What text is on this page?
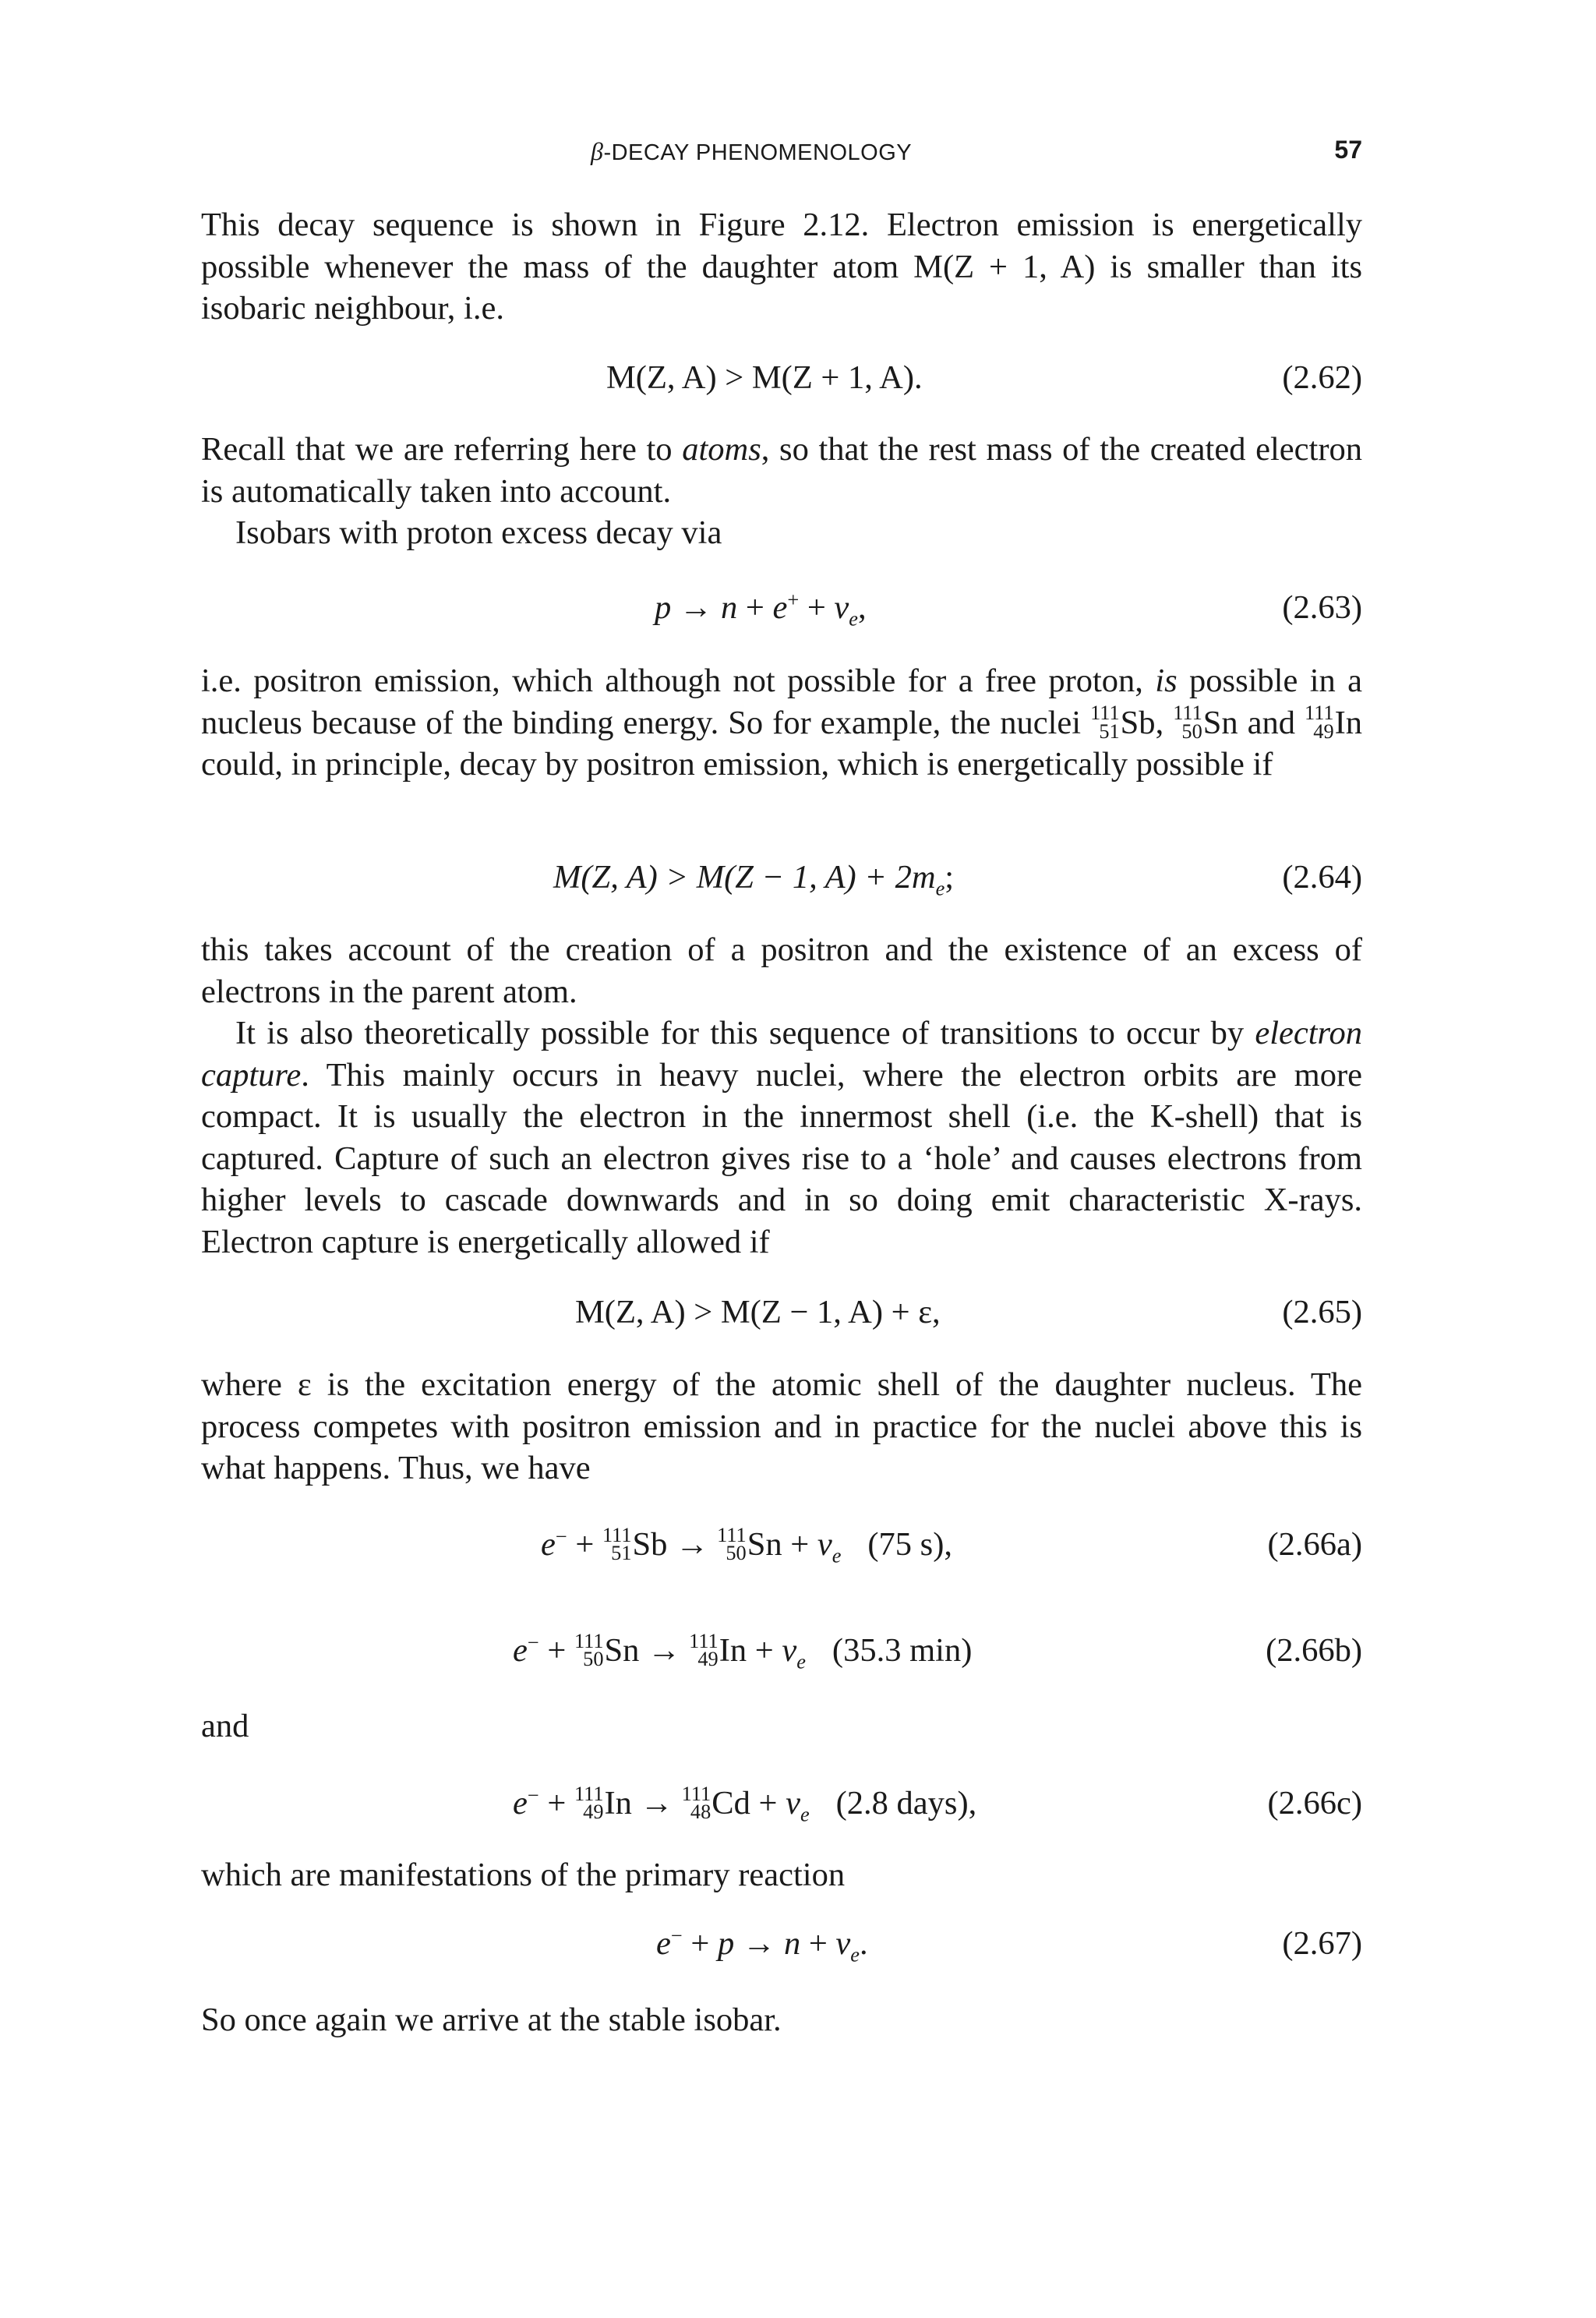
β-DECAY PHENOMENOLOGY	57

This decay sequence is shown in Figure 2.12. Electron emission is energetically possible whenever the mass of the daughter atom M(Z + 1, A) is smaller than its isobaric neighbour, i.e.

M(Z, A) > M(Z + 1, A).	(2.62)

Recall that we are referring here to atoms, so that the rest mass of the created electron is automatically taken into account.

Isobars with proton excess decay via

$p \to n + e^+ + \nu_e$,	(2.63)

i.e. positron emission, which although not possible for a free proton, is possible in a nucleus because of the binding energy. So for example, the nuclei 111
51 Sb, 111
50 Sn and 111
49 In could, in principle, decay by positron emission, which is energetically possible if

M(Z, A) > M(Z − 1, $A) + 2m_e$;	(2.64)

this takes account of the creation of a positron and the existence of an excess of electrons in the parent atom.

It is also theoretically possible for this sequence of transitions to occur by electron capture. This mainly occurs in heavy nuclei, where the electron orbits are more compact. It is usually the electron in the innermost shell (i.e. the K-shell) that is captured. Capture of such an electron gives rise to a ‘hole’ and causes electrons from higher levels to cascade downwards and in so doing emit characteristic X-rays. Electron capture is energetically allowed if

M(Z, A) > M(Z − 1, A) + ε,	(2.65)

where ε is the excitation energy of the atomic shell of the daughter nucleus. The process competes with positron emission and in practice for the nuclei above this is what happens. Thus, we have

e− + 111
51 Sb → 111
50 $Sn + \nu_e$ (75 s),	(2.66a)
e− + 111
50 Sn → 111
49 $In + \nu_e$ (35.3 min)	(2.66b)

and

e− + 111
49 In → 111
48 $Cd + \nu_e$ (2.8 days),	(2.66c)

which are manifestations of the primary reaction

$e^- + p \to n + \nu_e$.	(2.67)

So once again we arrive at the stable isobar.
